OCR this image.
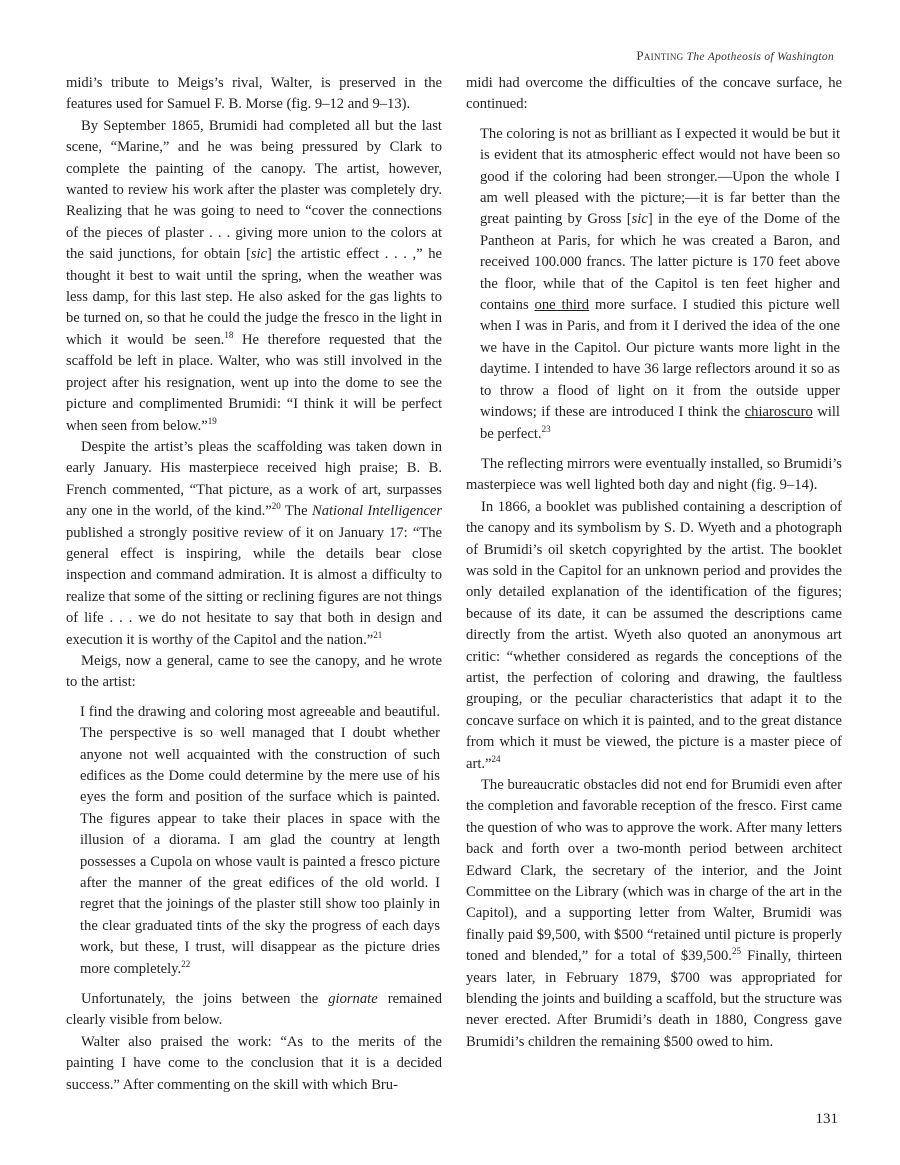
Painting The Apotheosis of Washington

midi’s tribute to Meigs’s rival, Walter, is preserved in the features used for Samuel F. B. Morse (fig. 9–12 and 9–13).

By September 1865, Brumidi had completed all but the last scene, “Marine,” and he was being pressured by Clark to complete the painting of the canopy. The artist, however, wanted to review his work after the plaster was completely dry. Realizing that he was going to need to “cover the connections of the pieces of plaster . . . giving more union to the colors at the said junctions, for obtain [sic] the artistic effect . . . ,” he thought it best to wait until the spring, when the weather was less damp, for this last step. He also asked for the gas lights to be turned on, so that he could the judge the fresco in the light in which it would be seen.$^{18}$ He therefore requested that the scaffold be left in place. Walter, who was still involved in the project after his resignation, went up into the dome to see the picture and complimented Brumidi: “I think it will be perfect when seen from below.”$^{19}$

Despite the artist’s pleas the scaffolding was taken down in early January. His masterpiece received high praise; B. B. French commented, “That picture, as a work of art, surpasses any one in the world, of the kind.”$^{20}$ The National Intelligencer published a strongly positive review of it on January 17: “The general effect is inspiring, while the details bear close inspection and command admiration. It is almost a difficulty to realize that some of the sitting or reclining figures are not things of life . . . we do not hesitate to say that both in design and execution it is worthy of the Capitol and the nation.”$^{21}$

Meigs, now a general, came to see the canopy, and he wrote to the artist:

I find the drawing and coloring most agreeable and beautiful. The perspective is so well managed that I doubt whether anyone not well acquainted with the construction of such edifices as the Dome could determine by the mere use of his eyes the form and position of the surface which is painted. The figures appear to take their places in space with the illusion of a diorama. I am glad the country at length possesses a Cupola on whose vault is painted a fresco picture after the manner of the great edifices of the old world. I regret that the joinings of the plaster still show too plainly in the clear graduated tints of the sky the progress of each days work, but these, I trust, will disappear as the picture dries more completely.$^{22}$

Unfortunately, the joins between the giornate remained clearly visible from below.

Walter also praised the work: “As to the merits of the painting I have come to the conclusion that it is a decided success.” After commenting on the skill with which Bru-

midi had overcome the difficulties of the concave surface, he continued:

The coloring is not as brilliant as I expected it would be but it is evident that its atmospheric effect would not have been so good if the coloring had been stronger.—Upon the whole I am well pleased with the picture;—it is far better than the great painting by Gross [sic] in the eye of the Dome of the Pantheon at Paris, for which he was created a Baron, and received 100.000 francs. The latter picture is 170 feet above the floor, while that of the Capitol is ten feet higher and contains one third more surface. I studied this picture well when I was in Paris, and from it I derived the idea of the one we have in the Capitol. Our picture wants more light in the daytime. I intended to have 36 large reflectors around it so as to throw a flood of light on it from the outside upper windows; if these are introduced I think the chiaroscuro will be perfect.$^{23}$

The reflecting mirrors were eventually installed, so Brumidi’s masterpiece was well lighted both day and night (fig. 9–14).

In 1866, a booklet was published containing a description of the canopy and its symbolism by S. D. Wyeth and a photograph of Brumidi’s oil sketch copyrighted by the artist. The booklet was sold in the Capitol for an unknown period and provides the only detailed explanation of the identification of the figures; because of its date, it can be assumed the descriptions came directly from the artist. Wyeth also quoted an anonymous art critic: “whether considered as regards the conceptions of the artist, the perfection of coloring and drawing, the faultless grouping, or the peculiar characteristics that adapt it to the concave surface on which it is painted, and to the great distance from which it must be viewed, the picture is a master piece of art.”$^{24}$

The bureaucratic obstacles did not end for Brumidi even after the completion and favorable reception of the fresco. First came the question of who was to approve the work. After many letters back and forth over a two-month period between architect Edward Clark, the secretary of the interior, and the Joint Committee on the Library (which was in charge of the art in the Capitol), and a supporting letter from Walter, Brumidi was finally paid $9,500, with $500 “retained until picture is properly toned and blended,” for a total of $39,500.25 Finally, thirteen years later, in February 1879, $700 was appropriated for blending the joints and building a scaffold, but the structure was never erected. After Brumidi’s death in 1880, Congress gave Brumidi’s children the remaining $500 owed to him.

131
